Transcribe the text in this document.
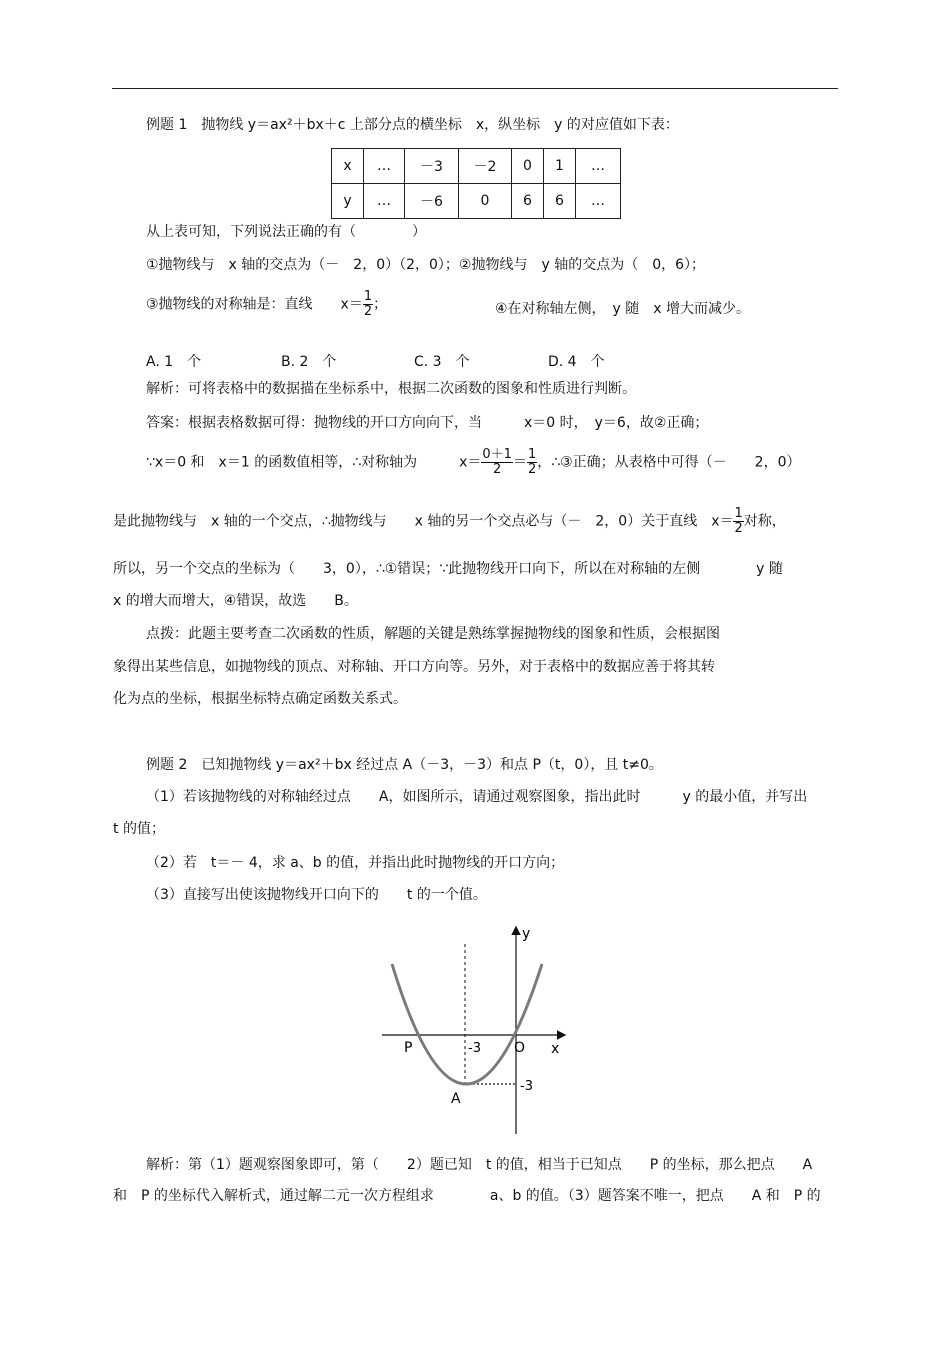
例题 1　抛物线 y＝ax²＋bx＋c 上部分点的横坐标　x，纵坐标　y 的对应值如下表：
x	…	－3	－2	0	1	…
y	…	－6	0	6	6	…
从上表可知，下列说法正确的有（　　　　）
①抛物线与　x 轴的交点为（－　2，0）（2，0）；②抛物线与　y 轴的交点为（　0，6）；
③抛物线的对称轴是：直线　　$x= \frac{1}{2}$ ；	④在对称轴左侧，　y 随　x 增大而减少。
A. 1　个	B. 2　个	C. 3　个	D. 4　个
解析：可将表格中的数据描在坐标系中，根据二次函数的图象和性质进行判断。
答案：根据表格数据可得：抛物线的开口方向向下，当　　　x＝0 时，　y＝6，故②正确；
∵x＝0 和　x＝1 的函数值相等，∴对称轴为　　　$x= \frac{0+1}{2} = \frac{1}{2}$ ，∴③正确；从表格中可得（－　　2，0）
是此抛物线与　x 轴的一个交点，∴抛物线与　　x 轴的另一个交点必与（－　2，0）关于直线　$x= \frac{1}{2}$ 对称，
所以，另一个交点的坐标为（　　3，0），∴①错误；∵此抛物线开口向下，所以在对称轴的左侧　　　　y 随
x 的增大而增大，④错误，故选　　B。
点拨：此题主要考查二次函数的性质，解题的关键是熟练掌握抛物线的图象和性质，会根据图
象得出某些信息，如抛物线的顶点、对称轴、开口方向等。另外，对于表格中的数据应善于将其转
化为点的坐标，根据坐标特点确定函数关系式。
例题 2　已知抛物线 y＝ax²＋bx 经过点 A（－3，－3）和点 P（t，0），且 t≠0。
（1）若该抛物线的对称轴经过点　　A，如图所示，请通过观察图象，指出此时　　　y 的最小值，并写出
t 的值；
（2）若　t＝－ 4，求 a、b 的值，并指出此时抛物线的开口方向；
（3）直接写出使该抛物线开口向下的　　t 的一个值。
y
x
O
P	-3
-3
A
解析：第（1）题观察图象即可，第（　　2）题已知　t 的值，相当于已知点　　P 的坐标，那么把点　　A
和　P 的坐标代入解析式，通过解二元一次方程组求　　　　a、b 的值。（3）题答案不唯一，把点　　A 和　P 的
